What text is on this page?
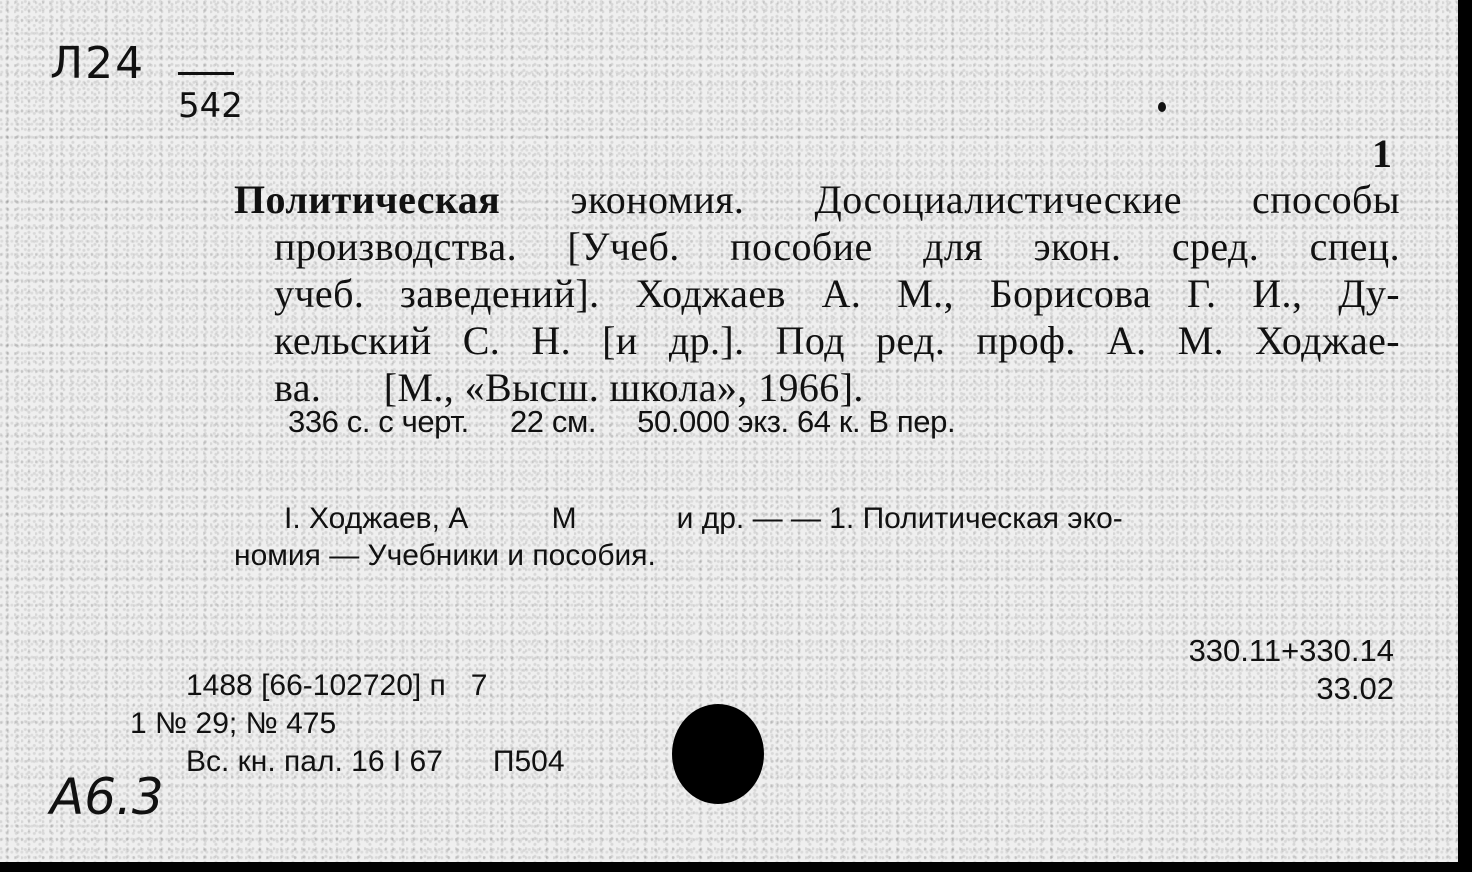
Л24

542

1

Политическая экономия. Досоциалистические способы
производства. [Учеб. пособие для экон. сред. спец.
учеб. заведений]. Ходжаев А. М., Борисова Г. И., Ду-
кельский С. Н. [и др.]. Под ред. проф. А. М. Ходжае-
ва.      [М., «Высш. школа», 1966].

336 с. с черт.     22 см.     50.000 экз. 64 к. В пер.

I. Ходжаев, А          М            и др. — — 1. Политическая эко-
номия — Учебники и пособия.
330.11+330.14
33.02
1488 [66-102720] п   7
1 № 29; № 475
Вс. кн. пал. 16 I 67      П504

A6.3
